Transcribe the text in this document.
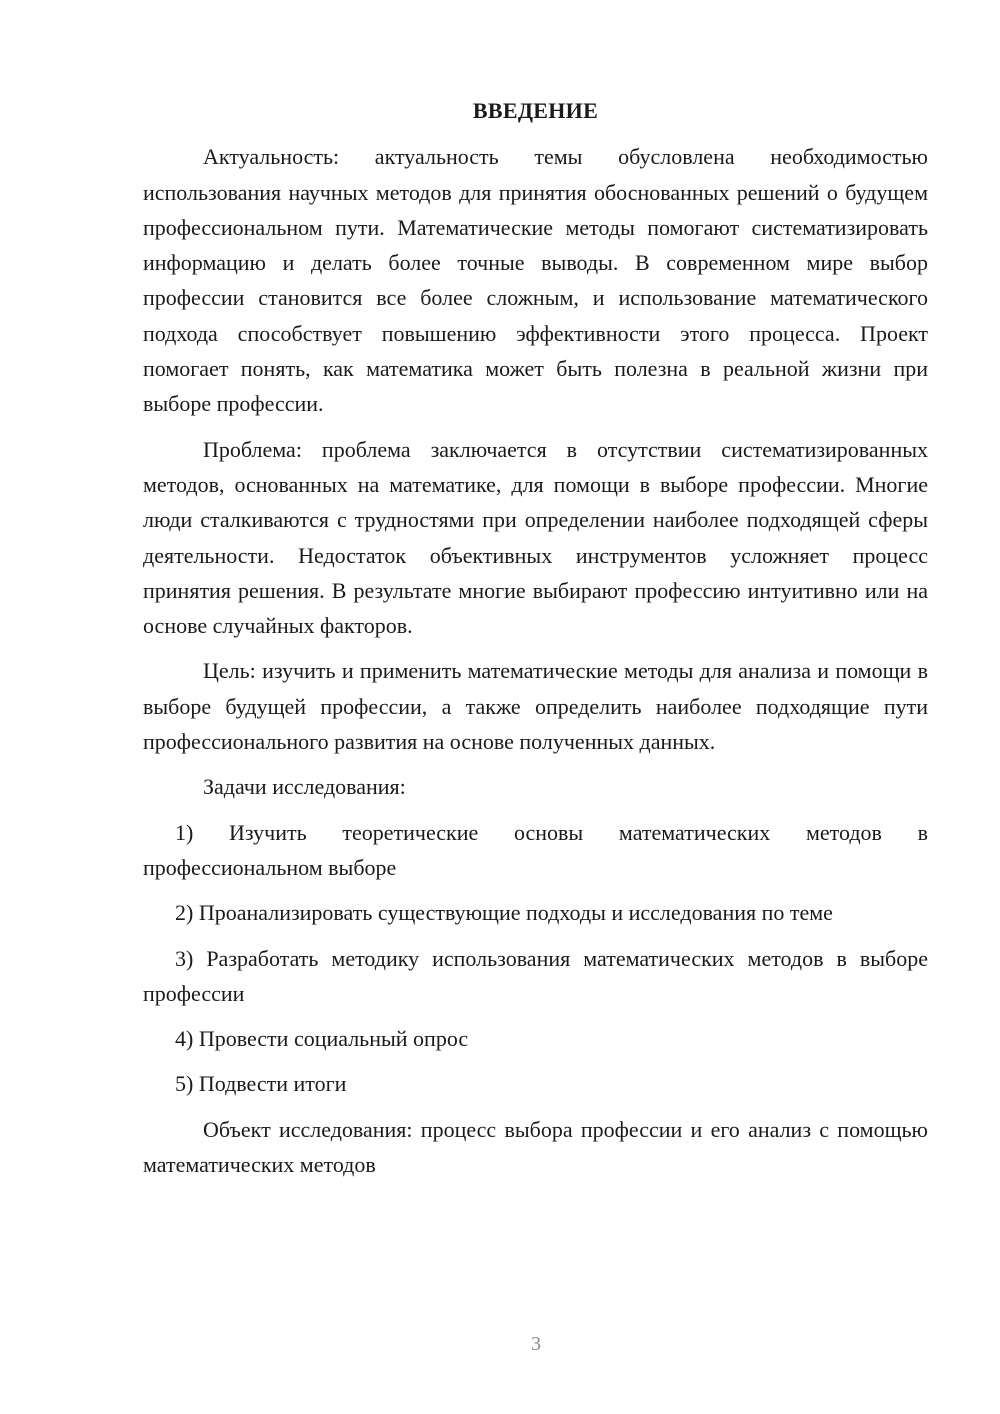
ВВЕДЕНИЕ

Актуальность: актуальность темы обусловлена необходимостью использования научных методов для принятия обоснованных решений о будущем профессиональном пути. Математические методы помогают систематизировать информацию и делать более точные выводы. В современном мире выбор профессии становится все более сложным, и использование математического подхода способствует повышению эффективности этого процесса. Проект помогает понять, как математика может быть полезна в реальной жизни при выборе профессии.

Проблема: проблема заключается в отсутствии систематизированных методов, основанных на математике, для помощи в выборе профессии. Многие люди сталкиваются с трудностями при определении наиболее подходящей сферы деятельности. Недостаток объективных инструментов усложняет процесс принятия решения. В результате многие выбирают профессию интуитивно или на основе случайных факторов.

Цель: изучить и применить математические методы для анализа и помощи в выборе будущей профессии, а также определить наиболее подходящие пути профессионального развития на основе полученных данных.

Задачи исследования:

1) Изучить теоретические основы математических методов в профессиональном выборе

2) Проанализировать существующие подходы и исследования по теме

3) Разработать методику использования математических методов в выборе профессии

4) Провести социальный опрос

5) Подвести итоги

Объект исследования: процесс выбора профессии и его анализ с помощью математических методов

3
